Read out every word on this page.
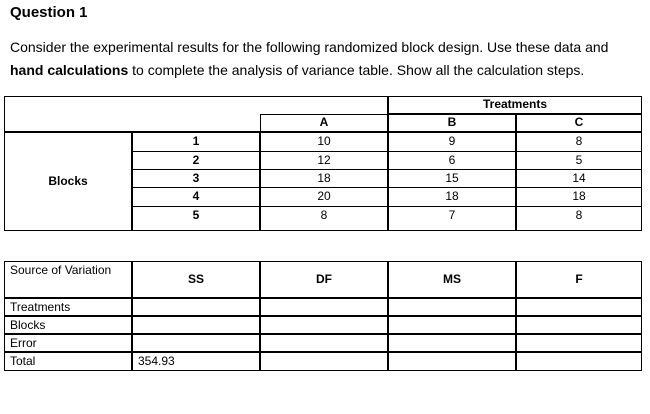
Question 1
Consider the experimental results for the following randomized block design. Use these data and hand calculations to complete the analysis of variance table. Show all the calculation steps.
Treatments
A	B	C
Blocks
1	10	9	8
2	12	6	5
3	18	15	14
4	20	18	18
5	8	7	8
Source of Variation
SS	DF	MS	F
Treatments
Blocks
Error
Total	354.93
